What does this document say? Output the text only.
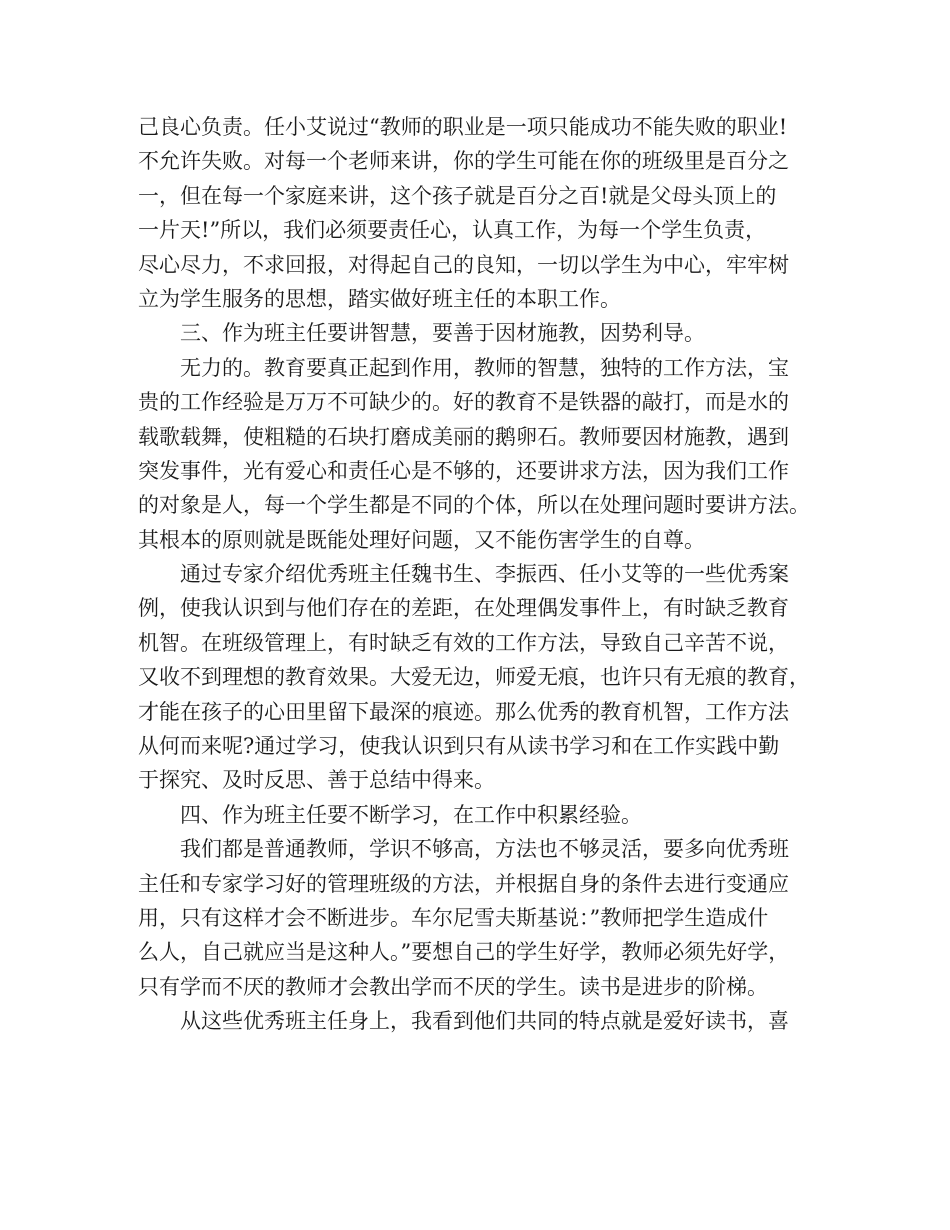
己良心负责。任小艾说过“教师的职业是一项只能成功不能失败的职业!
不允许失败。对每一个老师来讲，你的学生可能在你的班级里是百分之
一，但在每一个家庭来讲，这个孩子就是百分之百!就是父母头顶上的
一片天!”所以，我们必须要责任心，认真工作，为每一个学生负责，
尽心尽力，不求回报，对得起自己的良知，一切以学生为中心，牢牢树
立为学生服务的思想，踏实做好班主任的本职工作。
三、作为班主任要讲智慧，要善于因材施教，因势利导。
无力的。教育要真正起到作用，教师的智慧，独特的工作方法，宝
贵的工作经验是万万不可缺少的。好的教育不是铁器的敲打，而是水的
载歌载舞，使粗糙的石块打磨成美丽的鹅卵石。教师要因材施教，遇到
突发事件，光有爱心和责任心是不够的，还要讲求方法，因为我们工作
的对象是人，每一个学生都是不同的个体，所以在处理问题时要讲方法。
其根本的原则就是既能处理好问题，又不能伤害学生的自尊。
通过专家介绍优秀班主任魏书生、李振西、任小艾等的一些优秀案
例，使我认识到与他们存在的差距，在处理偶发事件上，有时缺乏教育
机智。在班级管理上，有时缺乏有效的工作方法，导致自己辛苦不说，
又收不到理想的教育效果。大爱无边，师爱无痕，也许只有无痕的教育，
才能在孩子的心田里留下最深的痕迹。那么优秀的教育机智，工作方法
从何而来呢?通过学习，使我认识到只有从读书学习和在工作实践中勤
于探究、及时反思、善于总结中得来。
四、作为班主任要不断学习，在工作中积累经验。
我们都是普通教师，学识不够高，方法也不够灵活，要多向优秀班
主任和专家学习好的管理班级的方法，并根据自身的条件去进行变通应
用，只有这样才会不断进步。车尔尼雪夫斯基说：”教师把学生造成什
么人，自己就应当是这种人。”要想自己的学生好学，教师必须先好学，
只有学而不厌的教师才会教出学而不厌的学生。读书是进步的阶梯。
从这些优秀班主任身上，我看到他们共同的特点就是爱好读书，喜
